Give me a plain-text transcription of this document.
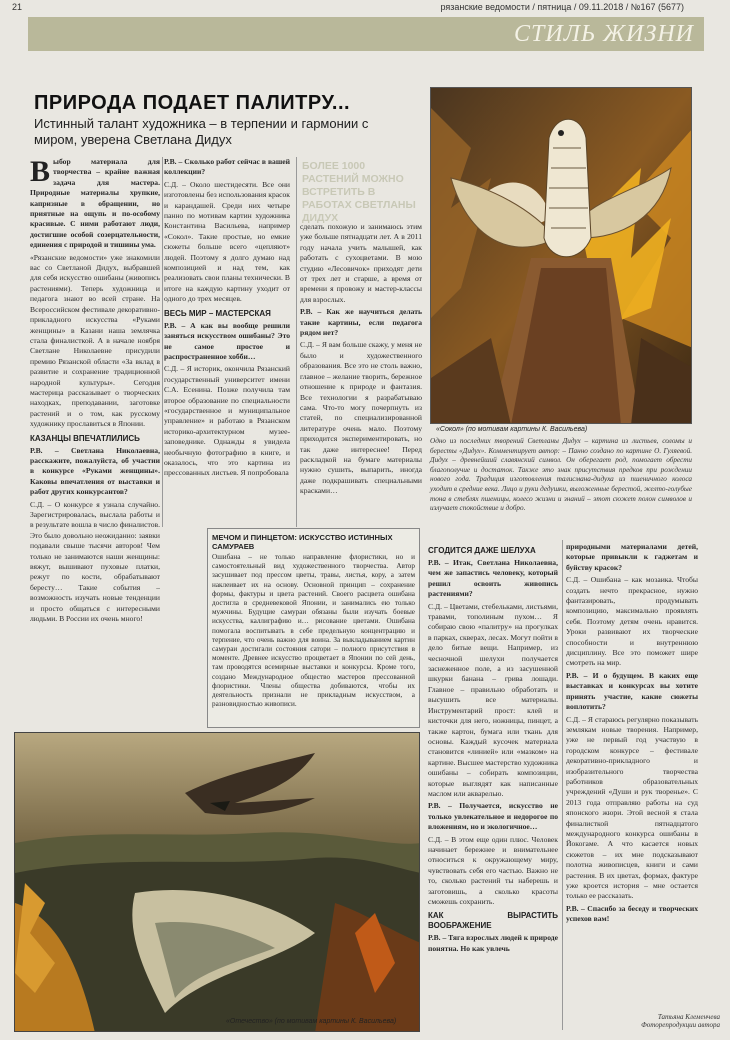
21	рязанские ведомости / пятница / 09.11.2018 / №167 (5677)
СТИЛЬ ЖИЗНИ
ПРИРОДА ПОДАЕТ ПАЛИТРУ...
Истинный талант художника – в терпении и гармонии с миром, уверена Светлана Дидух

Выбор материала для творчества – крайне важная задача для мастера. Природные материалы хрупкие, капризные в обращении, но приятные на ощупь и по-особому красивые. С ними работают люди, достигшие особой созерцательности, единения с природой и тишины ума.

«Рязанские ведомости» уже знакомили вас со Светланой Дидух, выбравшей для себя искусство ошибаны (живопись растениями). Теперь художница и педагога знают во всей стране. На Всероссийском фестивале декоративно-прикладного искусства «Руками женщины» в Казани наша землячка стала финалисткой. А в начале ноября Светлане Николаевне присудили премию Рязанской области «За вклад в развитие и сохранение традиционной народной культуры». Сегодня мастерица рассказывает о творческих находках, преподавании, заготовке растений и о том, как русскому художнику прославиться в Японии.

КАЗАНЦЫ ВПЕЧАТЛИЛИСЬ

Р.В. – Светлана Николаевна, расскажите, пожалуйста, об участии в конкурсе «Руками женщины». Каковы впечатления от выставки и работ других конкурсантов?

С.Д. – О конкурсе я узнала случайно. Зарегистрировалась, выслала работы и в результате вошла в число финалистов. Это было довольно неожиданно: заявки подавали свыше тысячи авторов! Чем только не занимаются наши женщины: вяжут, вышивают пуховые платки, режут по кости, обрабатывают бересту… Такие события – возможность изучать новые тенденции и просто общаться с интересными людьми. В России их очень много!

Р.В. – Сколько работ сейчас в вашей коллекции?

С.Д. – Около шестидесяти. Все они изготовлены без использования красок и карандашей. Среди них четыре панно по мотивам картин художника Константина Васильева, например «Сокол». Такие простые, но емкие сюжеты больше всего «цепляют» людей. Поэтому я долго думаю над композицией и над тем, как реализовать свои планы технически. В итоге на каждую картину уходит от одного до трех месяцев.

ВЕСЬ МИР – МАСТЕРСКАЯ

Р.В. – А как вы вообще решили заняться искусством ошибаны? Это не самое простое и распространенное хобби…

С.Д. – Я историк, окончила Рязанский государственный университет имени С.А. Есенина. Позже получила там второе образование по специальности «государственное и муниципальное управление» и работаю в Рязанском историко-архитектурном музее-заповеднике. Однажды я увидела необычную фотографию в книге, и оказалось, что это картина из прессованных листьев. Я попробовала

БОЛЕЕ 1000 РАСТЕНИЙ МОЖНО ВСТРЕТИТЬ В РАБОТАХ СВЕТЛАНЫ ДИДУХ

сделать похожую и занимаюсь этим уже больше пятнадцати лет. А в 2011 году начала учить малышей, как работать с сухоцветами. В мою студию «Лесовичок» приходят дети от трех лет и старше, а время от времени я провожу и мастер-классы для взрослых.

Р.В. – Как же научиться делать такие картины, если педагога рядом нет?

С.Д. – Я вам больше скажу, у меня не было и художественного образования. Все это не столь важно, главное – желание творить, бережное отношение к природе и фантазия. Все технологии я разрабатываю сама. Что-то могу почерпнуть из статей, по специализированной литературе очень мало. Поэтому приходится экспериментировать, но так даже интереснее! Перед раскладкой на бумаге материалы нужно сушить, выпарить, иногда даже подкрашивать специальными красками…

«Сокол» (по мотивам картины К. Васильева)
Одно из последних творений Светланы Дидух – картина из листьев, соломы и бересты «Дидух». Комментирует автор: – Панно создано по картине О. Гуляевой. Дидух – древнейший славянский символ. Он оберегает род, помогает обрести благополучие и достаток. Также это знак присутствия предков при рождении нового года. Традиция изготовления талисмана-дидуха из пшеничного колоса уходит в средние века. Лицо и руки дедушки, выложенные берестой, желто-голубые тона в стеблях пшеницы, колесо жизни и знаний – этот сюжет полон символов и излучает спокойствие и добро.
МЕЧОМ И ПИНЦЕТОМ: ИСКУССТВО ИСТИННЫХ САМУРАЕВ
Ошибана – не только направление флористики, но и самостоятельный вид художественного творчества. Автор засушивает под прессом цветы, травы, листья, кору, а затем наклеивает их на основу. Основной принцип – сохранение формы, фактуры и цвета растений. Своего расцвета ошибана достигла в средневековой Японии, и занимались ею только мужчины. Будущие самураи обязаны были изучать боевые искусства, каллиграфию и… рисование цветами. Ошибана помогала воспитывать в себе предельную концентрацию и терпение, что очень важно для воина. За выкладыванием картин самураи достигали состояния сатори – полного присутствия в моменте. Древнее искусство процветает в Японии по сей день, там проводятся всемирные выставки и конкурсы. Кроме того, создано Международное общество мастеров прессованной флористики. Члены общества добиваются, чтобы их деятельность признали не прикладным искусством, а разновидностью живописи.
«Отечество» (по мотивам картины К. Васильева)
СГОДИТСЯ ДАЖЕ ШЕЛУХА

Р.В. – Итак, Светлана Николаевна, чем же запастись человеку, который решил освоить живопись растениями?

С.Д. – Цветами, стебельками, листьями, травами, тополиным пухом… Я собираю свою «палитру» на прогулках в парках, скверах, лесах. Могут пойти в дело битые вещи. Например, из чесночной шелухи получается заснеженное поле, а из засушенной шкурки банана – грива лошади. Главное – правильно обработать и высушить все материалы. Инструментарий прост: клей и кисточки для него, ножницы, пинцет, а также картон, бумага или ткань для основы. Каждый кусочек материала становится «линией» или «мазком» на картине. Высшее мастерство художника ошибаны – собирать композиции, которые выглядят как написанные маслом или акварелью.

Р.В. – Получается, искусство не только увлекательное и недорогое по вложениям, но и экологичное…

С.Д. – В этом еще один плюс. Человек начинает бережнее и внимательнее относиться к окружающему миру, чувствовать себя его частью. Важно не то, сколько растений ты наберешь и заготовишь, а сколько красоты сможешь сохранить.

КАК ВЫРАСТИТЬ ВООБРАЖЕНИЕ

Р.В. – Тяга взрослых людей к природе понятна. Но как увлечь

природными материалами детей, которые привыкли к гаджетам и буйству красок?

С.Д. – Ошибана – как мозаика. Чтобы создать нечто прекрасное, нужно фантазировать, продумывать композицию, максимально проявлять себя. Поэтому детям очень нравится. Уроки развивают их творческие способности и внутреннюю дисциплину. Все это поможет шире смотреть на мир.

Р.В. – И о будущем. В каких еще выставках и конкурсах вы хотите принять участие, какие сюжеты воплотить?

С.Д. – Я стараюсь регулярно показывать землякам новые творения. Например, уже не первый год участвую в городском конкурсе – фестивале декоративно-прикладного и изобразительного творчества работников образовательных учреждений «Души и рук творенье». С 2013 года отправляю работы на суд японского жюри. Этой весной я стала финалисткой пятнадцатого международного конкурса ошибаны в Йокогаме. А что касается новых сюжетов – их мне подсказывают полотна живописцев, книги и сами растения. В их цветах, формах, фактуре уже кроется история – мне остается только ее рассказать.

Р.В. – Спасибо за беседу и творческих успехов вам!

Татьяна Клеменчева
Фоторепродукции автора
